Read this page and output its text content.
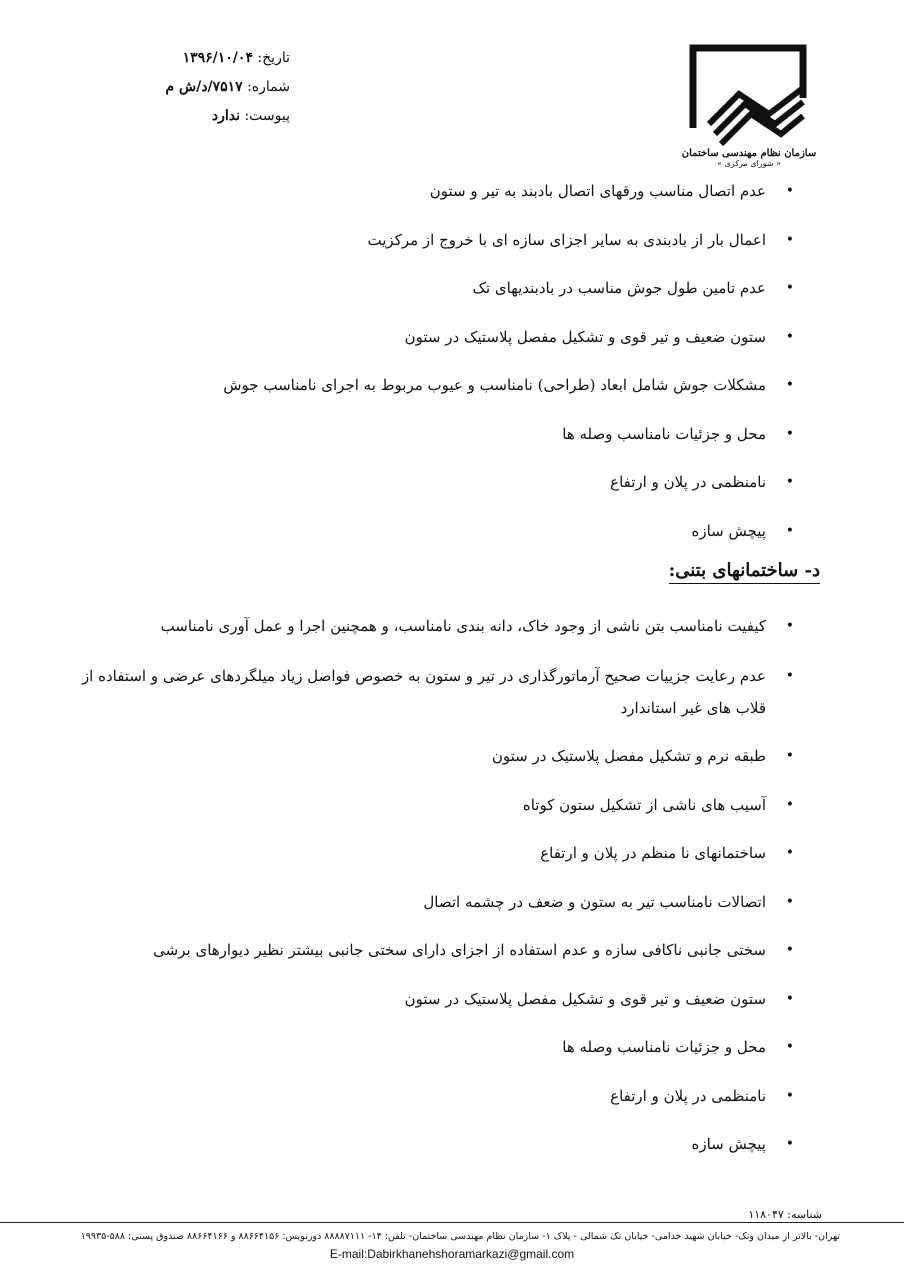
تاریخ: ۱۳۹۶/۱۰/۰۴
شماره: ۷۵۱۷/د/ش م
پیوست: ندارد
سازمان نظام مهندسی ساختمان
« شورای مرکزی »
•
عدم اتصال مناسب ورقهای اتصال بادبند به تیر و ستون
•
اعمال بار از بادبندی به سایر اجزای سازه ای با خروج از مرکزیت
•
عدم تامین طول جوش مناسب در بادبندیهای تک
•
ستون ضعیف و تیر قوی و تشکیل مفصل پلاستیک در ستون
•
مشکلات جوش شامل ابعاد (طراحی) نامناسب و عیوب مربوط به اجرای نامناسب جوش
•
محل و جزئیات نامناسب وصله ها
•
نامنظمی در پلان و ارتفاع
•
پیچش سازه
د- ساختمانهای بتنی:
•
کیفیت نامناسب بتن ناشی از وجود خاک، دانه بندی نامناسب، و همچنین اجرا و عمل آوری نامناسب
•
عدم رعایت جزییات صحیح آرماتورگذاری در تیر و ستون به خصوص فواصل زیاد میلگردهای عرضی و استفاده از قلاب های غیر استاندارد
•
طبقه نرم و تشکیل مفصل پلاستیک در ستون
•
آسیب های ناشی از تشکیل ستون کوتاه
•
ساختمانهای نا منظم در پلان و ارتفاع
•
اتصالات نامناسب تیر به ستون و ضعف در چشمه اتصال
•
سختی جانبی ناکافی سازه و عدم استفاده از اجزای دارای سختی جانبی بیشتر نظیر دیوارهای برشی
•
ستون ضعیف و تیر قوی و تشکیل مفصل پلاستیک در ستون
•
محل و جزئیات نامناسب وصله ها
•
نامنظمی در پلان و ارتفاع
•
پیچش سازه
شناسه: ۱۱۸۰۴۷
تهران- بالاتر از میدان ونک- خیابان شهید خدامی- خیابان تک شمالی - پلاک ۱- سازمان نظام مهندسی ساختمان- تلفن: ۱۴- ۸۸۸۸۷۱۱۱ دورنویس: ۸۸۶۶۴۱۵۶ و ۸۸۶۶۴۱۶۶ صندوق پستی: ۵۸۸-۱۹۹۳۵
E-mail:Dabirkhanehshoramarkazi@gmail.com
